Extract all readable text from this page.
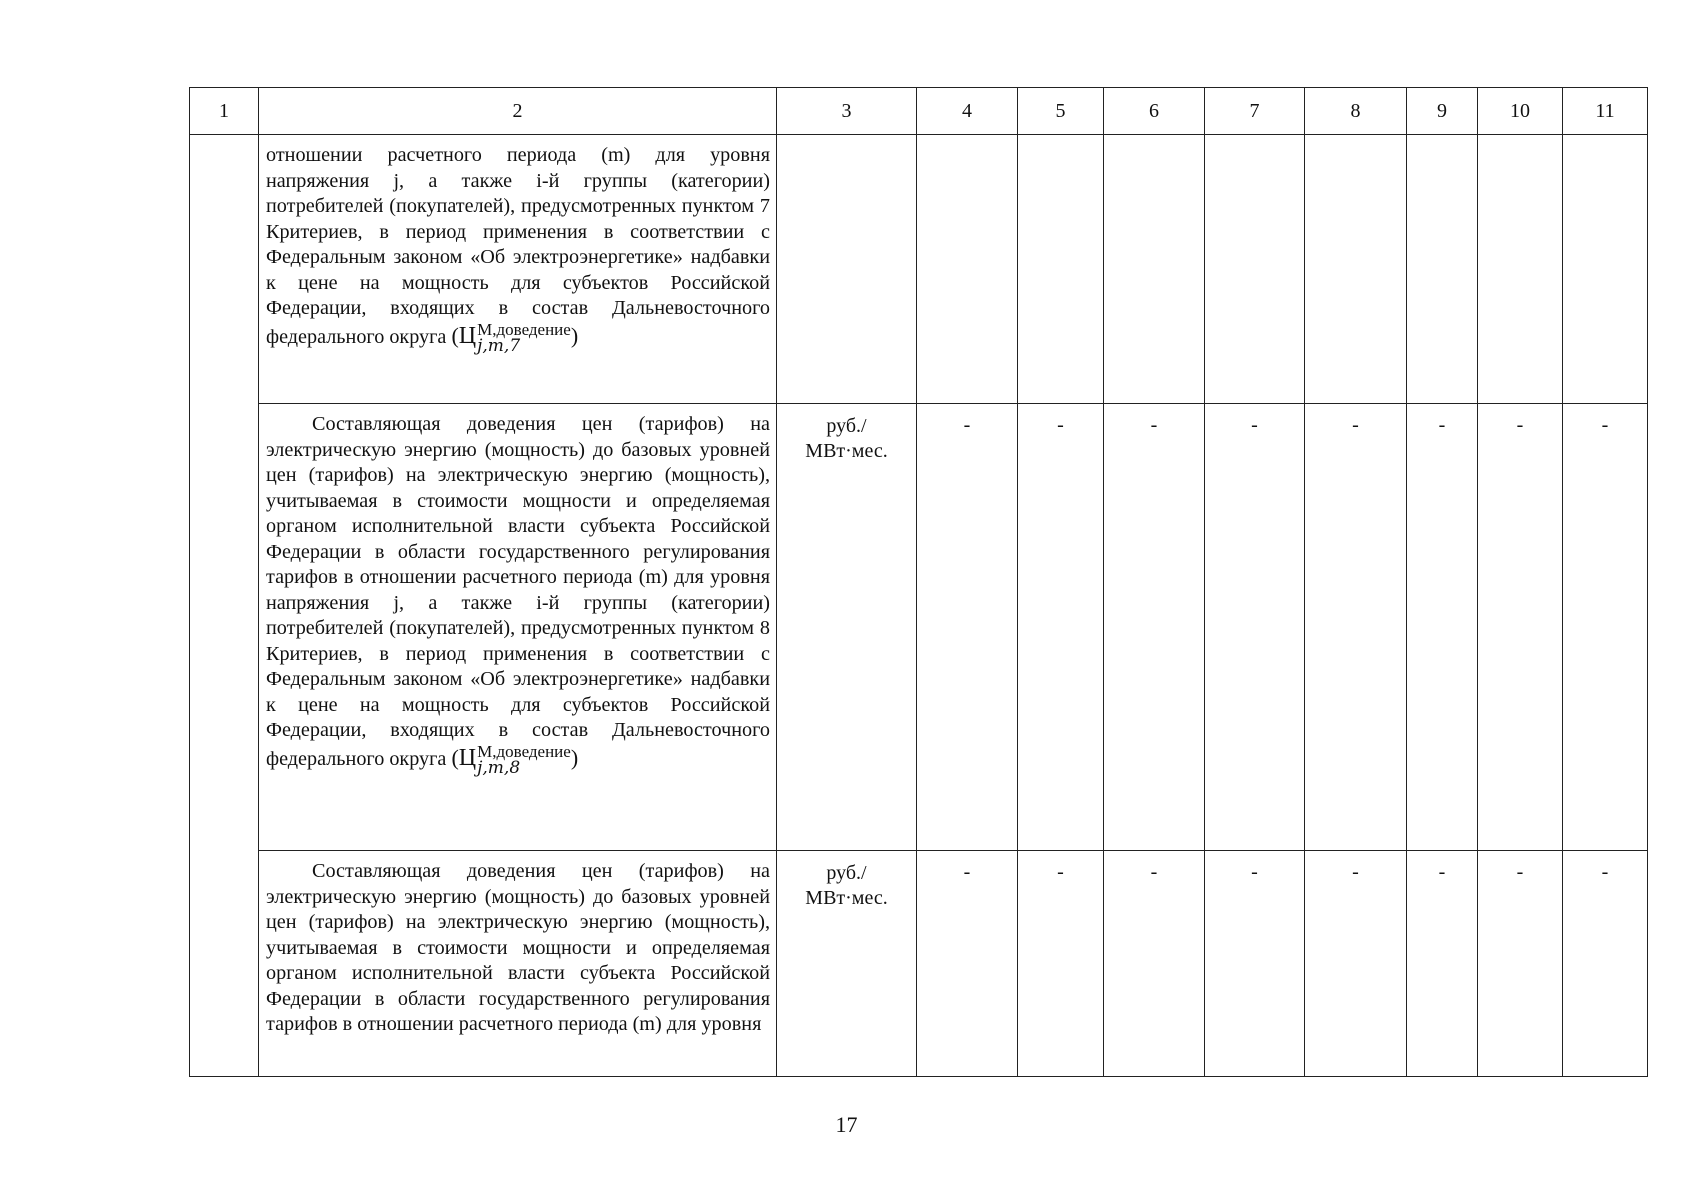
1	2	3	4	5	6	7	8	9	10	11

	отношении расчетного периода (m) для уровня напряжения j, а также i-й группы (категории) потребителей (покупателей), предусмотренных пунктом 7 Критериев, в период применения в соответствии с Федеральным законом «Об электроэнергетике» надбавки к цене на мощность для субъектов Российской Федерации, входящих в состав Дальневосточного федерального округа (Ц М,доведение
j,m,7 )									

	Составляющая доведения цен (тарифов) на электрическую энергию (мощность) до базовых уровней цен (тарифов) на электрическую энергию (мощность), учитываемая в стоимости мощности и определяемая органом исполнительной власти субъекта Российской Федерации в области государственного регулирования тарифов в отношении расчетного периода (m) для уровня напряжения j, а также i-й группы (категории) потребителей (покупателей), предусмотренных пунктом 8 Критериев, в период применения в соответствии с Федеральным законом «Об электроэнергетике» надбавки к цене на мощность для субъектов Российской Федерации, входящих в состав Дальневосточного федерального округа (Ц М,доведение
j,m,8 )	руб./
МВт·мес.	-	-	-	-	-	-	-	-

	Составляющая доведения цен (тарифов) на электрическую энергию (мощность) до базовых уровней цен (тарифов) на электрическую энергию (мощность), учитываемая в стоимости мощности и определяемая органом исполнительной власти субъекта Российской Федерации в области государственного регулирования тарифов в отношении расчетного периода (m) для уровня	руб./
МВт·мес.	-	-	-	-	-	-	-	-
17
